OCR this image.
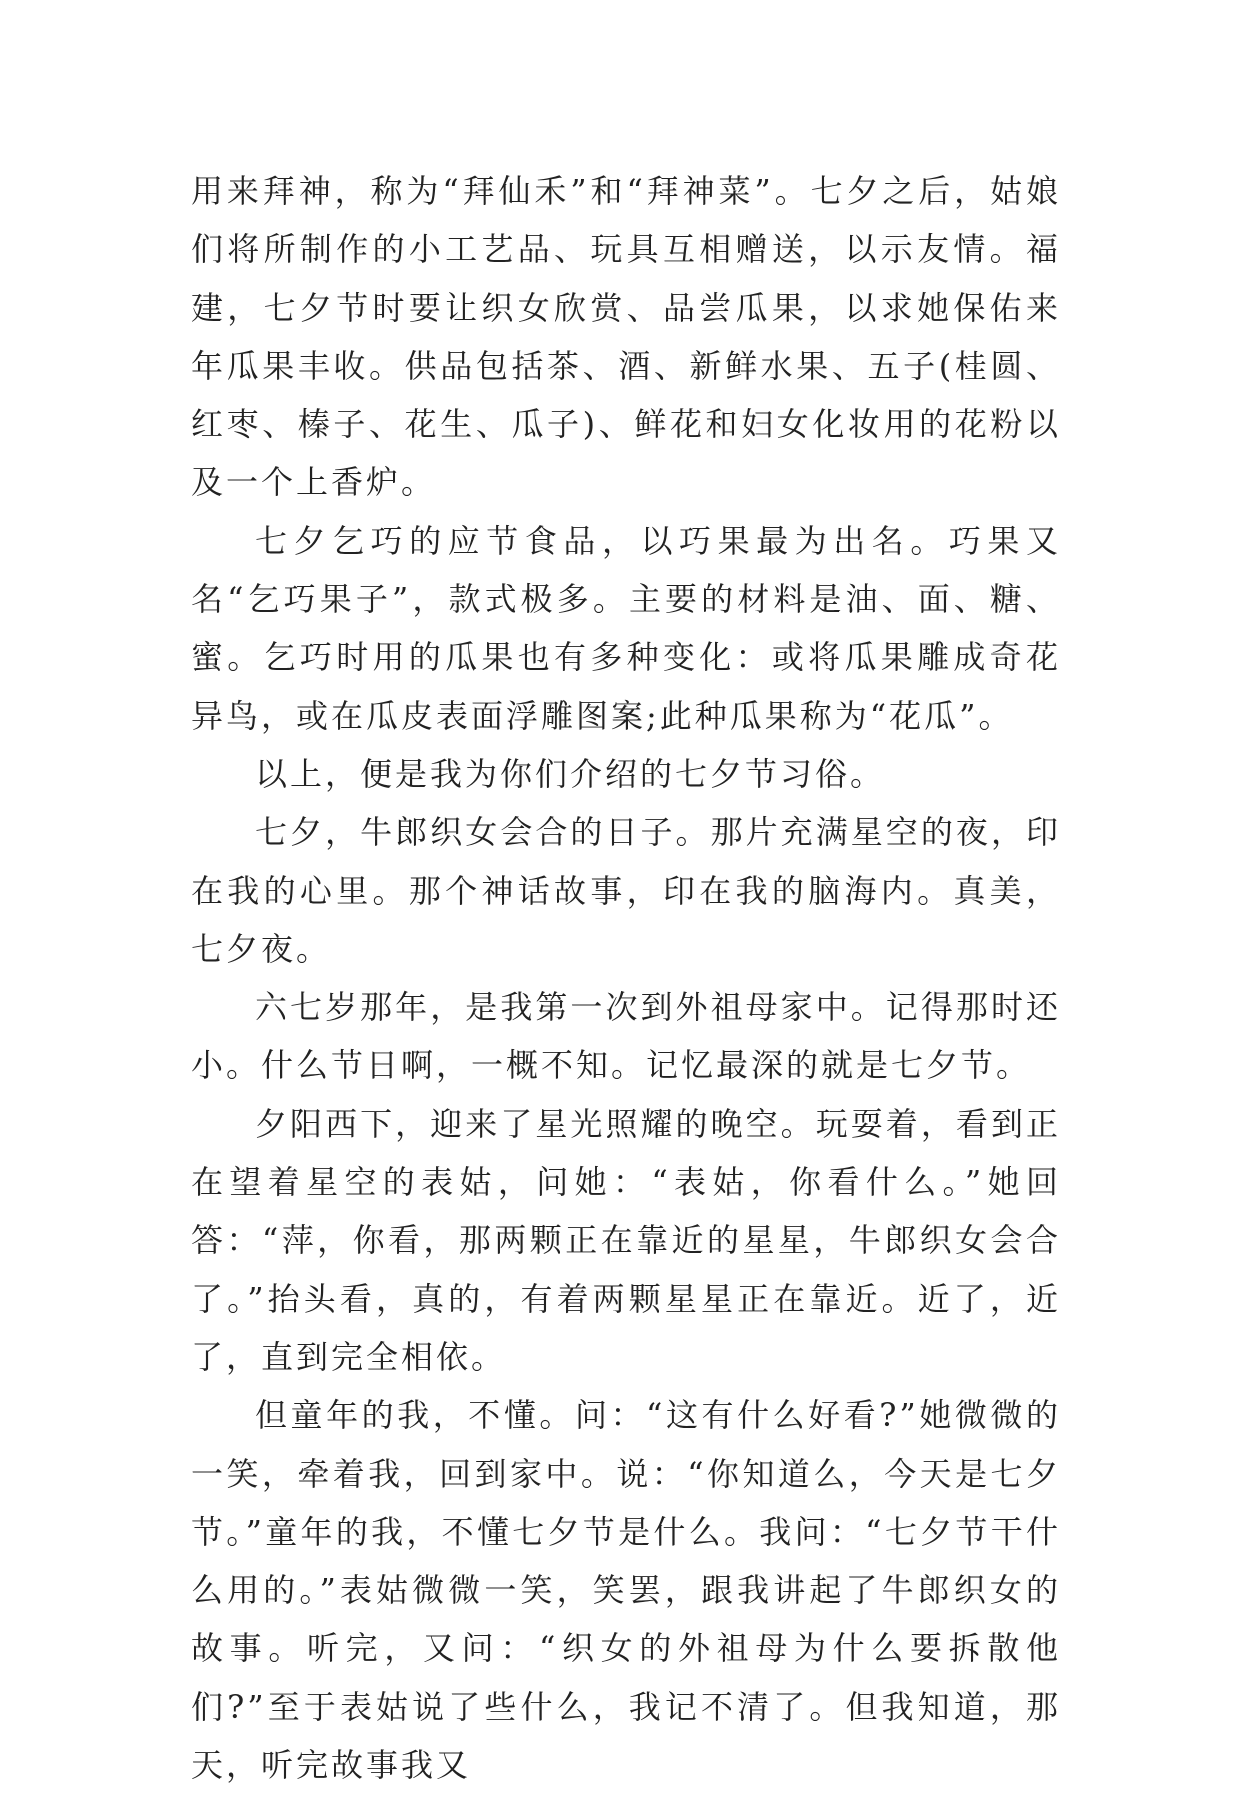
用来拜神，称为“拜仙禾”和“拜神菜”。七夕之后，姑娘们将所制作的小工艺品、玩具互相赠送，以示友情。福建，七夕节时要让织女欣赏、品尝瓜果，以求她保佑来年瓜果丰收。供品包括茶、酒、新鲜水果、五子(桂圆、红枣、榛子、花生、瓜子)、鲜花和妇女化妆用的花粉以及一个上香炉。

七夕乞巧的应节食品，以巧果最为出名。巧果又名“乞巧果子”，款式极多。主要的材料是油、面、糖、蜜。乞巧时用的瓜果也有多种变化：或将瓜果雕成奇花异鸟，或在瓜皮表面浮雕图案;此种瓜果称为“花瓜”。

以上，便是我为你们介绍的七夕节习俗。

七夕，牛郎织女会合的日子。那片充满星空的夜，印在我的心里。那个神话故事，印在我的脑海内。真美，七夕夜。

六七岁那年，是我第一次到外祖母家中。记得那时还小。什么节日啊，一概不知。记忆最深的就是七夕节。

夕阳西下，迎来了星光照耀的晚空。玩耍着，看到正在望着星空的表姑，问她：“表姑，你看什么。”她回答：“萍，你看，那两颗正在靠近的星星，牛郎织女会合了。”抬头看，真的，有着两颗星星正在靠近。近了，近了，直到完全相依。

但童年的我，不懂。问：“这有什么好看?”她微微的一笑，牵着我，回到家中。说：“你知道么，今天是七夕节。”童年的我，不懂七夕节是什么。我问：“七夕节干什么用的。”表姑微微一笑，笑罢，跟我讲起了牛郎织女的故事。听完，又问：“织女的外祖母为什么要拆散他们?”至于表姑说了些什么，我记不清了。但我知道，那天，听完故事我又
